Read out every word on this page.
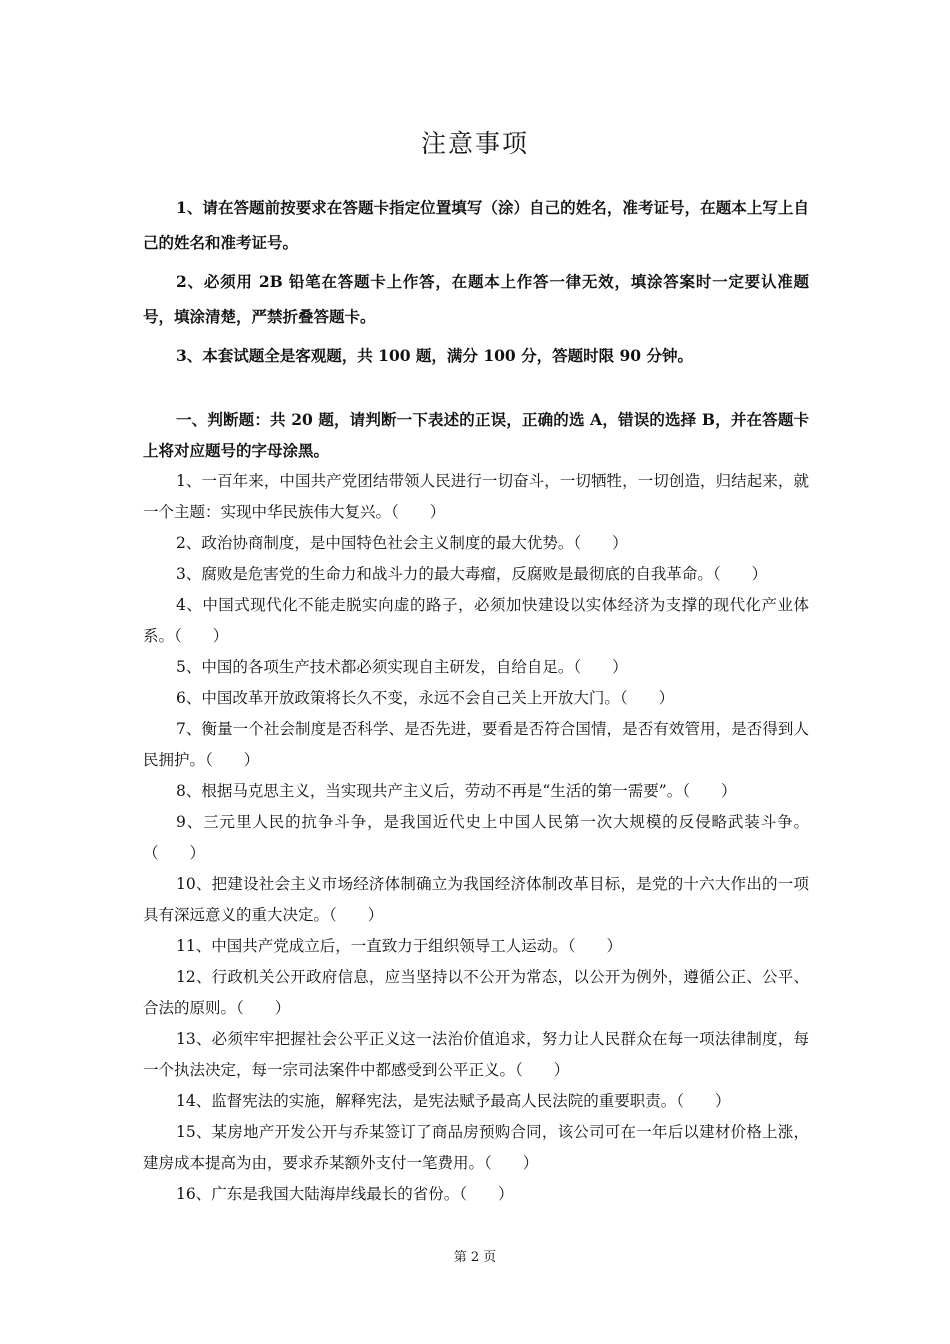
注意事项

1、请在答题前按要求在答题卡指定位置填写（涂）自己的姓名，准考证号，在题本上写上自己的姓名和准考证号。

2、必须用 2B 铅笔在答题卡上作答，在题本上作答一律无效，填涂答案时一定要认准题号，填涂清楚，严禁折叠答题卡。

3、本套试题全是客观题，共 100 题，满分 100 分，答题时限 90 分钟。

一、判断题：共 20 题，请判断一下表述的正误，正确的选 A，错误的选择 B，并在答题卡上将对应题号的字母涂黑。

1、一百年来，中国共产党团结带领人民进行一切奋斗，一切牺牲，一切创造，归结起来，就一个主题：实现中华民族伟大复兴。（　　）

2、政治协商制度，是中国特色社会主义制度的最大优势。（　　）

3、腐败是危害党的生命力和战斗力的最大毒瘤，反腐败是最彻底的自我革命。（　　）

4、中国式现代化不能走脱实向虚的路子，必须加快建设以实体经济为支撑的现代化产业体系。（　　）

5、中国的各项生产技术都必须实现自主研发，自给自足。（　　）

6、中国改革开放政策将长久不变，永远不会自己关上开放大门。（　　）

7、衡量一个社会制度是否科学、是否先进，要看是否符合国情，是否有效管用，是否得到人民拥护。（　　）

8、根据马克思主义，当实现共产主义后，劳动不再是“生活的第一需要”。（　　）

9、三元里人民的抗争斗争，是我国近代史上中国人民第一次大规模的反侵略武装斗争。（　　）

10、把建设社会主义市场经济体制确立为我国经济体制改革目标，是党的十六大作出的一项具有深远意义的重大决定。（　　）

11、中国共产党成立后，一直致力于组织领导工人运动。（　　）

12、行政机关公开政府信息，应当坚持以不公开为常态，以公开为例外，遵循公正、公平、合法的原则。（　　）

13、必须牢牢把握社会公平正义这一法治价值追求，努力让人民群众在每一项法律制度，每一个执法决定，每一宗司法案件中都感受到公平正义。（　　）

14、监督宪法的实施，解释宪法，是宪法赋予最高人民法院的重要职责。（　　）

15、某房地产开发公开与乔某签订了商品房预购合同，该公司可在一年后以建材价格上涨，建房成本提高为由，要求乔某额外支付一笔费用。（　　）

16、广东是我国大陆海岸线最长的省份。（　　）

第 2 页
